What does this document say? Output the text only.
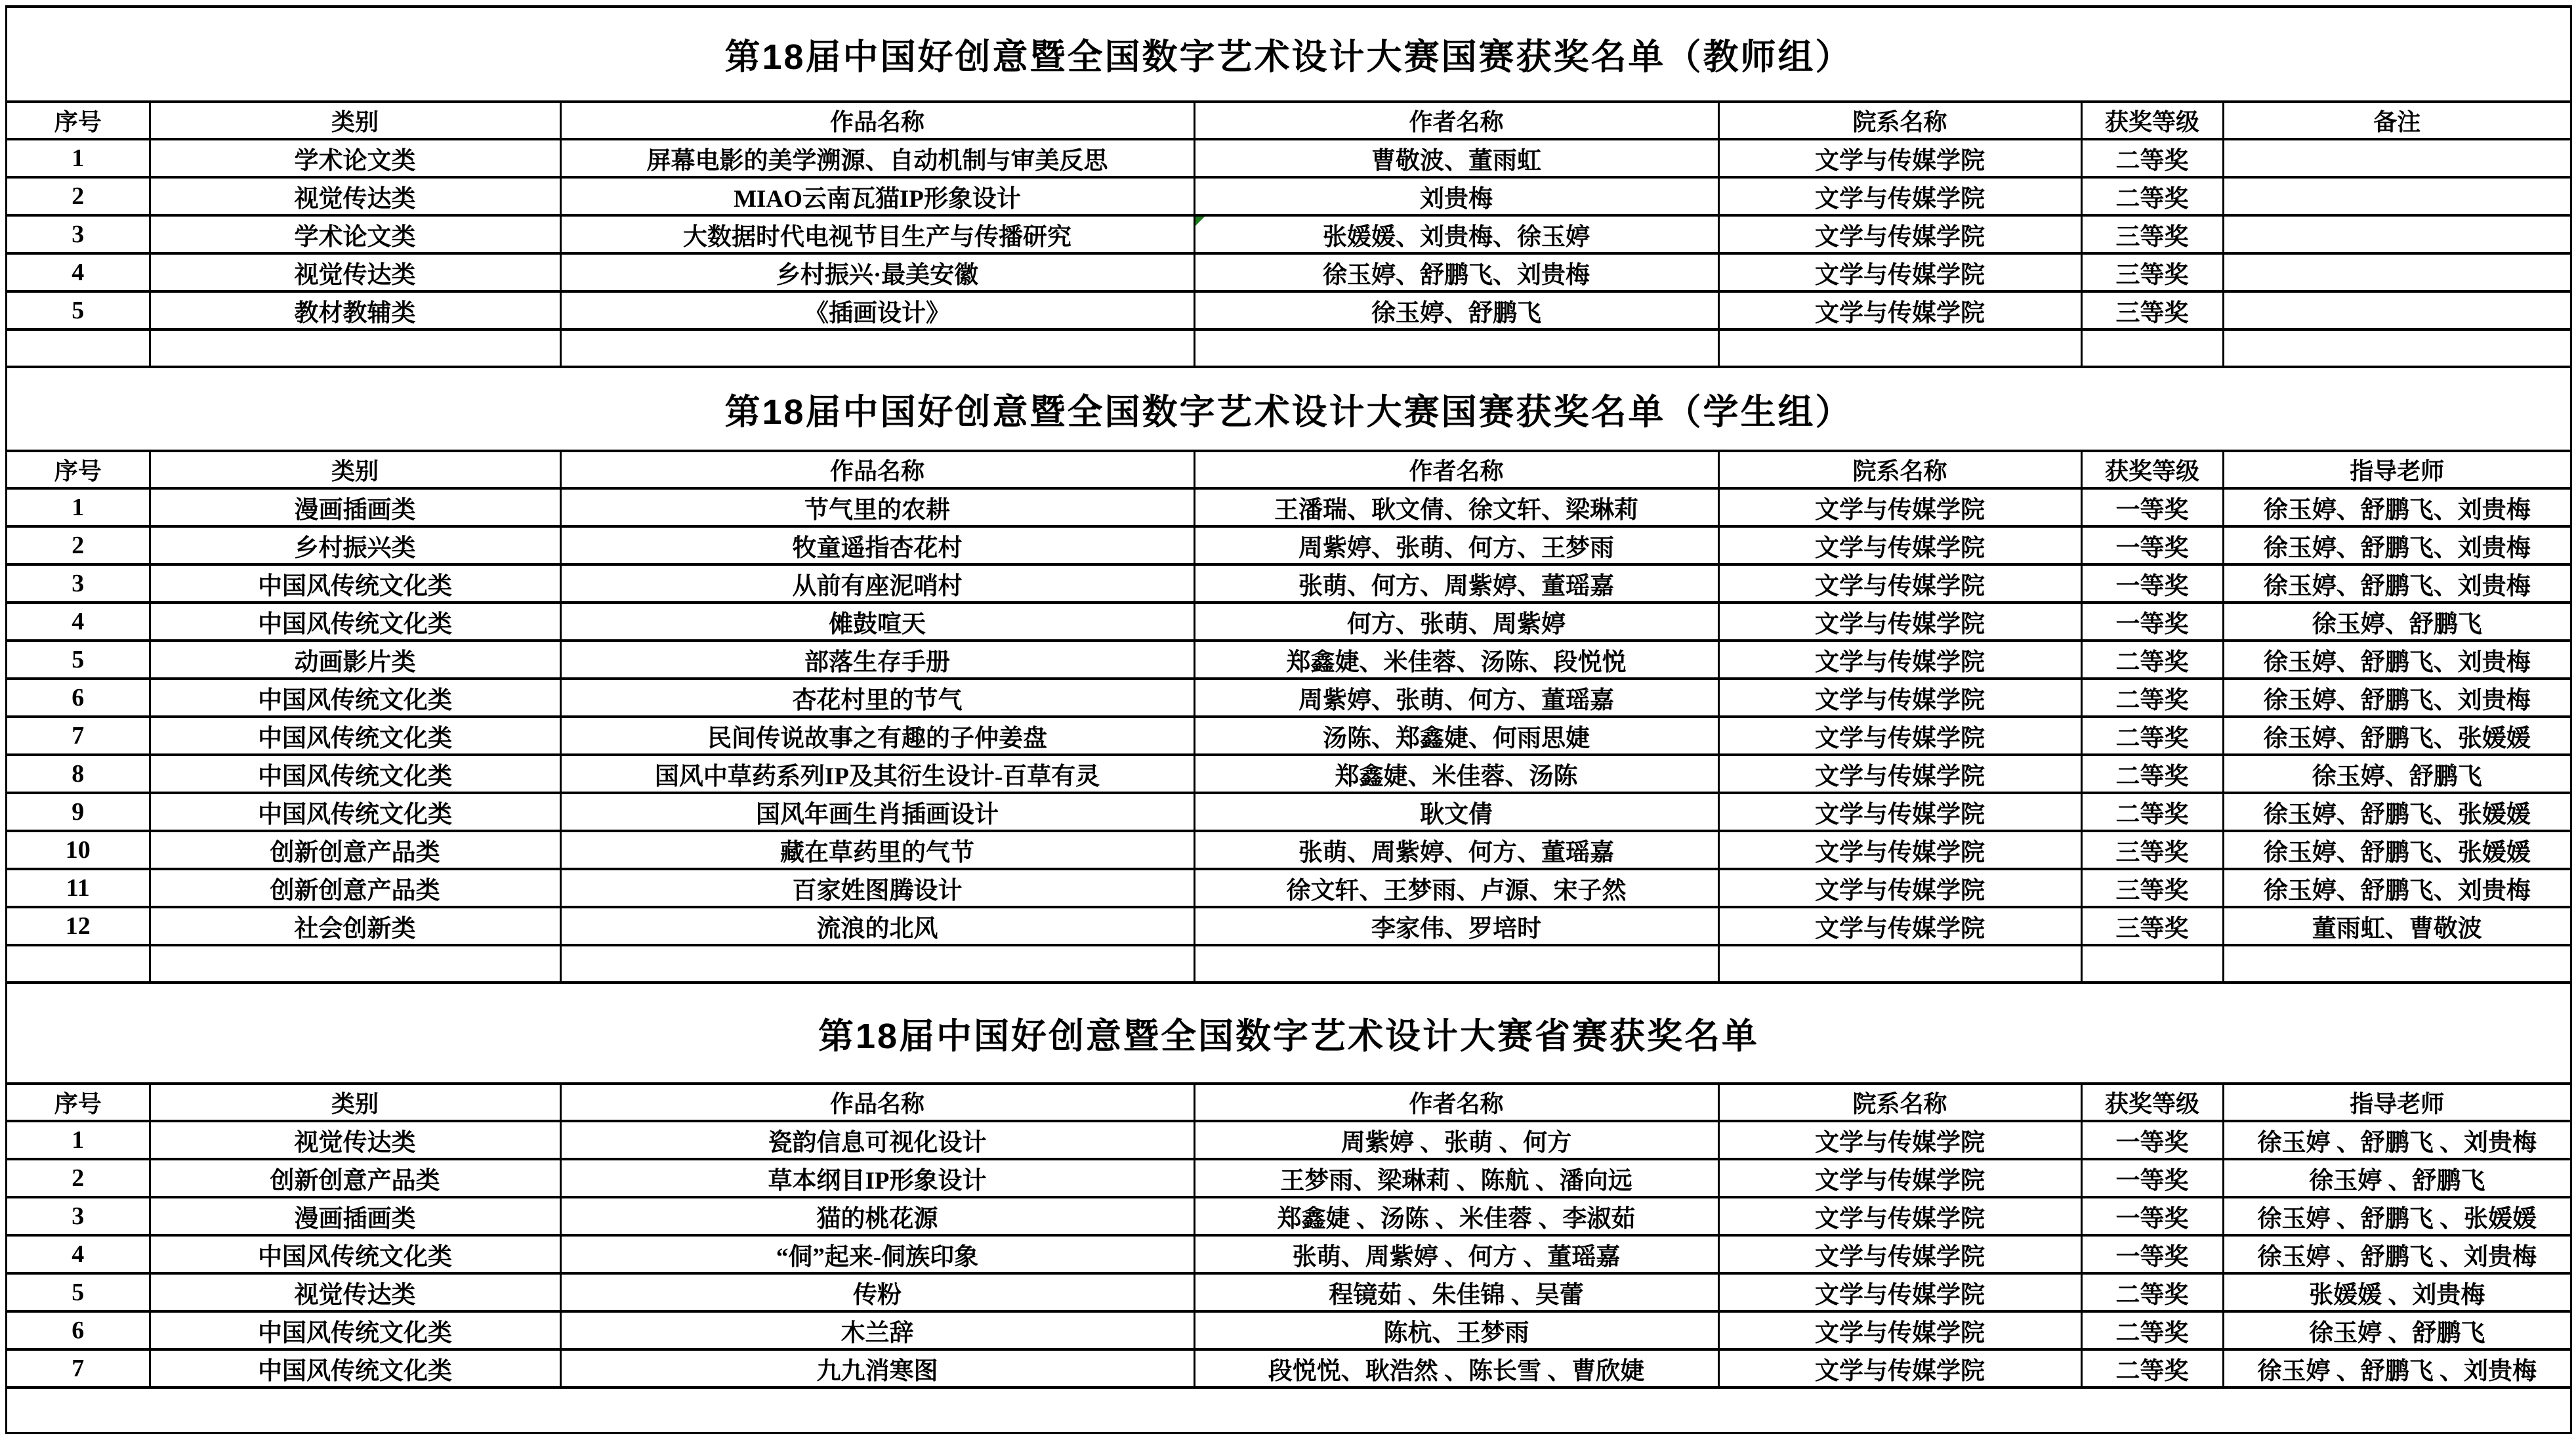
第18届中国好创意暨全国数字艺术设计大赛国赛获奖名单（教师组）
序号	类别	作品名称	作者名称	院系名称	获奖等级	备注
1	学术论文类	屏幕电影的美学溯源、自动机制与审美反思	曹敬波、董雨虹	文学与传媒学院	二等奖	
2	视觉传达类	MIAO云南瓦猫IP形象设计	刘贵梅	文学与传媒学院	二等奖	
3	学术论文类	大数据时代电视节目生产与传播研究	张媛媛、刘贵梅、徐玉婷	文学与传媒学院	三等奖	
4	视觉传达类	乡村振兴·最美安徽	徐玉婷、舒鹏飞、刘贵梅	文学与传媒学院	三等奖	
5	教材教辅类	《插画设计》	徐玉婷、舒鹏飞	文学与传媒学院	三等奖	

第18届中国好创意暨全国数字艺术设计大赛国赛获奖名单（学生组）
序号	类别	作品名称	作者名称	院系名称	获奖等级	指导老师
1	漫画插画类	节气里的农耕	王潘瑞、耿文倩、徐文轩、梁琳莉	文学与传媒学院	一等奖	徐玉婷、舒鹏飞、刘贵梅
2	乡村振兴类	牧童遥指杏花村	周紫婷、张萌、何方、王梦雨	文学与传媒学院	一等奖	徐玉婷、舒鹏飞、刘贵梅
3	中国风传统文化类	从前有座泥哨村	张萌、何方、周紫婷、董瑶嘉	文学与传媒学院	一等奖	徐玉婷、舒鹏飞、刘贵梅
4	中国风传统文化类	傩鼓喧天	何方、张萌、周紫婷	文学与传媒学院	一等奖	徐玉婷、舒鹏飞
5	动画影片类	部落生存手册	郑鑫婕、米佳蓉、汤陈、段悦悦	文学与传媒学院	二等奖	徐玉婷、舒鹏飞、刘贵梅
6	中国风传统文化类	杏花村里的节气	周紫婷、张萌、何方、董瑶嘉	文学与传媒学院	二等奖	徐玉婷、舒鹏飞、刘贵梅
7	中国风传统文化类	民间传说故事之有趣的子仲姜盘	汤陈、郑鑫婕、何雨思婕	文学与传媒学院	二等奖	徐玉婷、舒鹏飞、张媛媛
8	中国风传统文化类	国风中草药系列IP及其衍生设计-百草有灵	郑鑫婕、米佳蓉、汤陈	文学与传媒学院	二等奖	徐玉婷、舒鹏飞
9	中国风传统文化类	国风年画生肖插画设计	耿文倩	文学与传媒学院	二等奖	徐玉婷、舒鹏飞、张媛媛
10	创新创意产品类	藏在草药里的气节	张萌、周紫婷、何方、董瑶嘉	文学与传媒学院	三等奖	徐玉婷、舒鹏飞、张媛媛
11	创新创意产品类	百家姓图腾设计	徐文轩、王梦雨、卢源、宋子然	文学与传媒学院	三等奖	徐玉婷、舒鹏飞、刘贵梅
12	社会创新类	流浪的北风	李家伟、罗培时	文学与传媒学院	三等奖	董雨虹、曹敬波

第18届中国好创意暨全国数字艺术设计大赛省赛获奖名单
序号	类别	作品名称	作者名称	院系名称	获奖等级	指导老师
1	视觉传达类	瓷韵信息可视化设计	周紫婷 、张萌 、何方	文学与传媒学院	一等奖	徐玉婷 、舒鹏飞 、刘贵梅
2	创新创意产品类	草本纲目IP形象设计	王梦雨、梁琳莉 、陈航 、潘向远	文学与传媒学院	一等奖	徐玉婷 、舒鹏飞
3	漫画插画类	猫的桃花源	郑鑫婕 、汤陈 、米佳蓉 、李淑茹	文学与传媒学院	一等奖	徐玉婷 、舒鹏飞 、张媛媛
4	中国风传统文化类	“侗”起来-侗族印象	张萌、周紫婷 、何方 、董瑶嘉	文学与传媒学院	一等奖	徐玉婷 、舒鹏飞 、刘贵梅
5	视觉传达类	传粉	程镜茹 、朱佳锦 、吴蕾	文学与传媒学院	二等奖	张媛媛 、刘贵梅
6	中国风传统文化类	木兰辞	陈杭、王梦雨	文学与传媒学院	二等奖	徐玉婷 、舒鹏飞
7	中国风传统文化类	九九消寒图	段悦悦、耿浩然 、陈长雪 、曹欣婕	文学与传媒学院	二等奖	徐玉婷 、舒鹏飞 、刘贵梅
